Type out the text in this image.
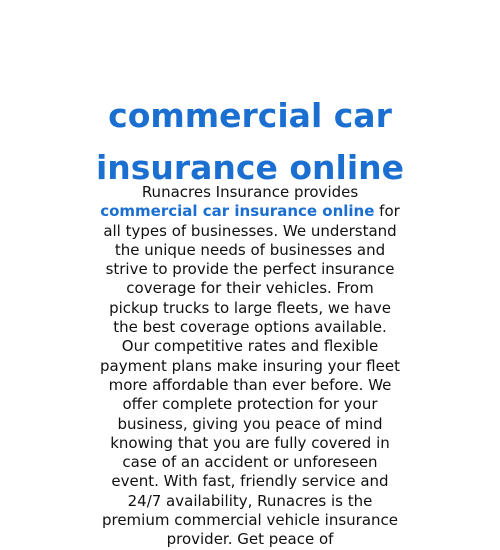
commercial car
insurance online

Runacres Insurance provides commercial car insurance online for all types of businesses. We understand the unique needs of businesses and strive to provide the perfect insurance coverage for their vehicles. From pickup trucks to large fleets, we have the best coverage options available. Our competitive rates and flexible payment plans make insuring your fleet more affordable than ever before. We offer complete protection for your business, giving you peace of mind knowing that you are fully covered in case of an accident or unforeseen event. With fast, friendly service and 24/7 availability, Runacres is the premium commercial vehicle insurance provider. Get peace of
